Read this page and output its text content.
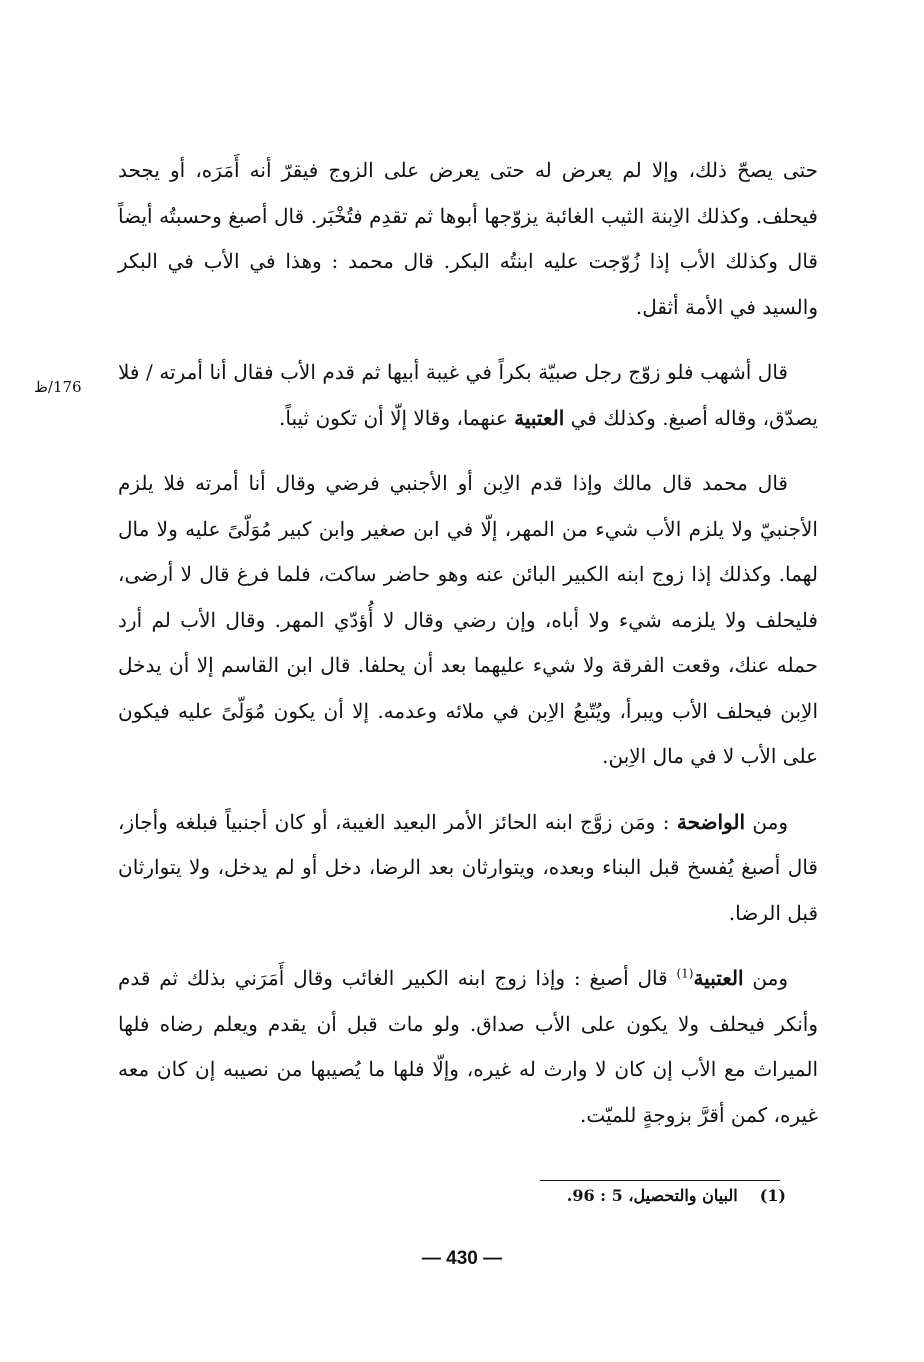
176/ظ

حتى يصحّ ذلك، وإلا لم يعرض له حتى يعرض على الزوج فيقرّ أنه أَمَرَه، أو يجحد فيحلف. وكذلك الاِبنة الثيب الغائبة يزوّجها أبوها ثم تقدِم فتُخْبَر. قال أصبغ وحسبتُه أيضاً قال وكذلك الأب إذا زُوّجت عليه ابنتُه البكر. قال محمد : وهذا في الأب في البكر والسيد في الأمة أثقل.

قال أشهب فلو زوّج رجل صبيّة بكراً في غيبة أبيها ثم قدم الأب فقال أنا أمرته / فلا يصدّق، وقاله أصبغ. وكذلك في العتبية عنهما، وقالا إلّا أن تكون ثيباً.

قال محمد قال مالك وإذا قدم الاِبن أو الأجنبي فرضي وقال أنا أمرته فلا يلزم الأجنبيّ ولا يلزم الأب شيء من المهر، إلّا في ابن صغير وابن كبير مُوَلّىً عليه ولا مال لهما. وكذلك إذا زوج ابنه الكبير البائن عنه وهو حاضر ساكت، فلما فرغ قال لا أرضى، فليحلف ولا يلزمه شيء ولا أباه، وإن رضي وقال لا أُؤدّي المهر. وقال الأب لم أرد حمله عنك، وقعت الفرقة ولا شيء عليهما بعد أن يحلفا. قال ابن القاسم إلا أن يدخل الاِبن فيحلف الأب ويبرأ، ويُتّبعُ الاِبن في ملائه وعدمه. إلا أن يكون مُوَلّىً عليه فيكون على الأب لا في مال الاِبن.

ومن الواضحة : ومَن زوَّج ابنه الحائز الأمر البعيد الغيبة، أو كان أجنبياً فبلغه وأجاز، قال أصبغ يُفسخ قبل البناء وبعده، ويتوارثان بعد الرضا، دخل أو لم يدخل، ولا يتوارثان قبل الرضا.

ومن العتبية$^{(1)}$ قال أصبغ : وإذا زوج ابنه الكبير الغائب وقال أَمَرَني بذلك ثم قدم وأنكر فيحلف ولا يكون على الأب صداق. ولو مات قبل أن يقدم ويعلم رضاه فلها الميراث مع الأب إن كان لا وارث له غيره، وإلّا فلها ما يُصيبها من نصيبه إن كان معه غيره، كمن أقرَّ بزوجةٍ للميّت.

(1)البيان والتحصيل، 5 : 96.
— 430 —
